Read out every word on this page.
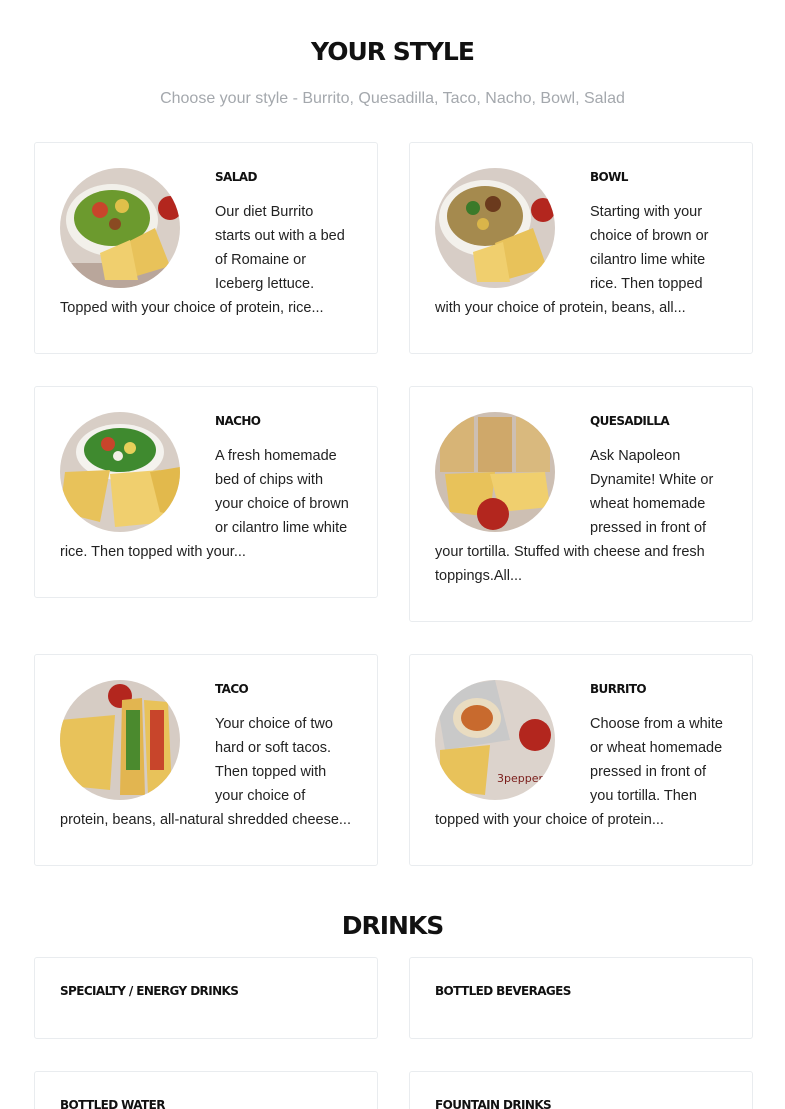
YOUR STYLE

Choose your style - Burrito, Quesadilla, Taco, Nacho, Bowl, Salad

SALAD

Our diet Burrito starts out with a bed of Romaine or Iceberg lettuce. Topped with your choice of protein, rice...

BOWL

Starting with your choice of brown or cilantro lime white rice. Then topped with your choice of protein, beans, all...

NACHO

A fresh homemade bed of chips with your choice of brown or cilantro lime white rice. Then topped with your...

QUESADILLA

Ask Napoleon Dynamite! White or wheat homemade pressed in front of your tortilla. Stuffed with cheese and fresh toppings.All...

TACO

Your choice of two hard or soft tacos. Then topped with your choice of protein, beans, all-natural shredded cheese...

3pepper
BURRITO

Choose from a white or wheat homemade pressed in front of you tortilla. Then topped with your choice of protein...

DRINKS
SPECIALTY / ENERGY DRINKS	BOTTLED BEVERAGES
BOTTLED WATER	FOUNTAIN DRINKS
